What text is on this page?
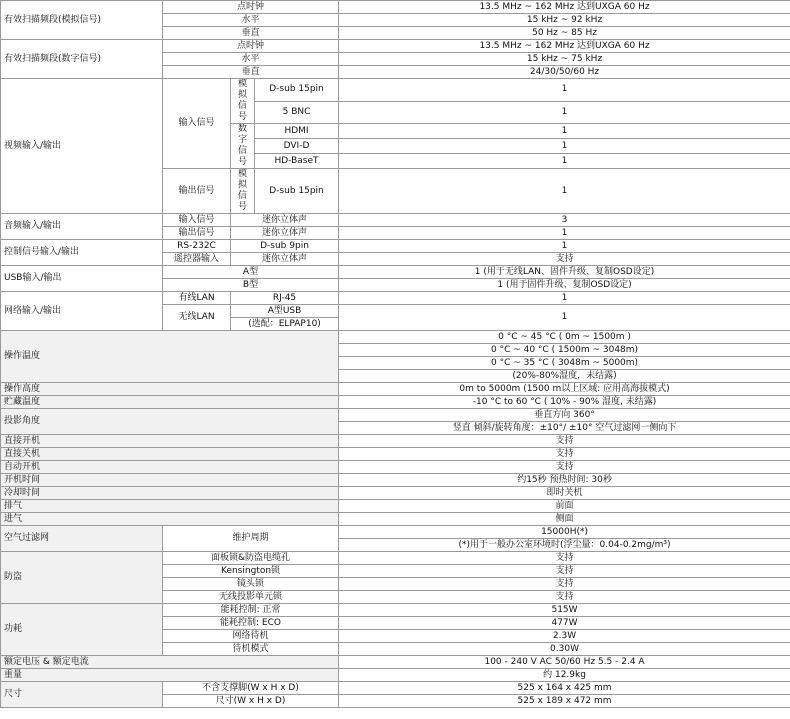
有效扫描频段(模拟信号)	点时钟			13.5 MHz ~ 162 MHz 达到UXGA 60 Hz
	水平			15 kHz ~ 92 kHz
	垂直			50 Hz ~ 85 Hz
有效扫描频段(数字信号)	点时钟			13.5 MHz ~ 162 MHz 达到UXGA 60 Hz
	水平			15 kHz ~ 75 kHz
	垂直			24/30/50/60 Hz
视频输入/输出	输入信号	模拟信号	D-sub 15pin	1
			5 BNC	1
		数字信号	HDMI	1
			DVI-D	1
			HD-BaseT	1
	输出信号	模拟信号	D-sub 15pin	1

音频输入/输出	输入信号	迷你立体声		3
	输出信号	迷你立体声		1
控制信号输入/输出	RS-232C	D-sub 9pin		1
	遥控器输入	迷你立体声		支持
USB输入/输出	A型			1 (用于无线LAN、固件升级、复制OSD设定)
	B型			1 (用于固件升级、复制OSD设定)
网络输入/输出	有线LAN	RJ-45		1
	无线LAN	A型USB		1
		(选配：ELPAP10)		
操作温度				0 °C ~ 45 °C ( 0m ~ 1500m )
				0 °C ~ 40 °C ( 1500m ~ 3048m)
				0 °C ~ 35 °C ( 3048m ~ 5000m)
				(20%-80%湿度，未结露)
操作高度				0m to 5000m (1500 m以上区域: 应用高海拔模式)
贮藏温度				-10 °C to 60 °C ( 10% - 90% 湿度, 未结露)
投影角度				垂直方向 360°
				竖直 倾斜/旋转角度：±10°/ ±10° 空气过滤网一侧向下
直接开机				支持
直接关机				支持
自动开机				支持
开机时间				约15秒 预热时间: 30秒
冷却时间				即时关机
排气				前面
进气				侧面
空气过滤网	维护周期			15000H(*)
				(*)用于一般办公室环境时(浮尘量：0.04-0.2mg/m³)
防盗	面板锁&防盗电缆孔			支持
	Kensington锁			支持
	镜头锁			支持
	无线投影单元锁			支持
功耗	能耗控制: 正常			515W
	能耗控制: ECO			477W
	网络待机			2.3W
	待机模式			0.30W
额定电压 & 额定电流				100 - 240 V AC 50/60 Hz 5.5 - 2.4 A
重量				约 12.9kg
尺寸	不含支撑脚(W x H x D)			525 x 164 x 425 mm
	尺寸(W x H x D)			525 x 189 x 472 mm
